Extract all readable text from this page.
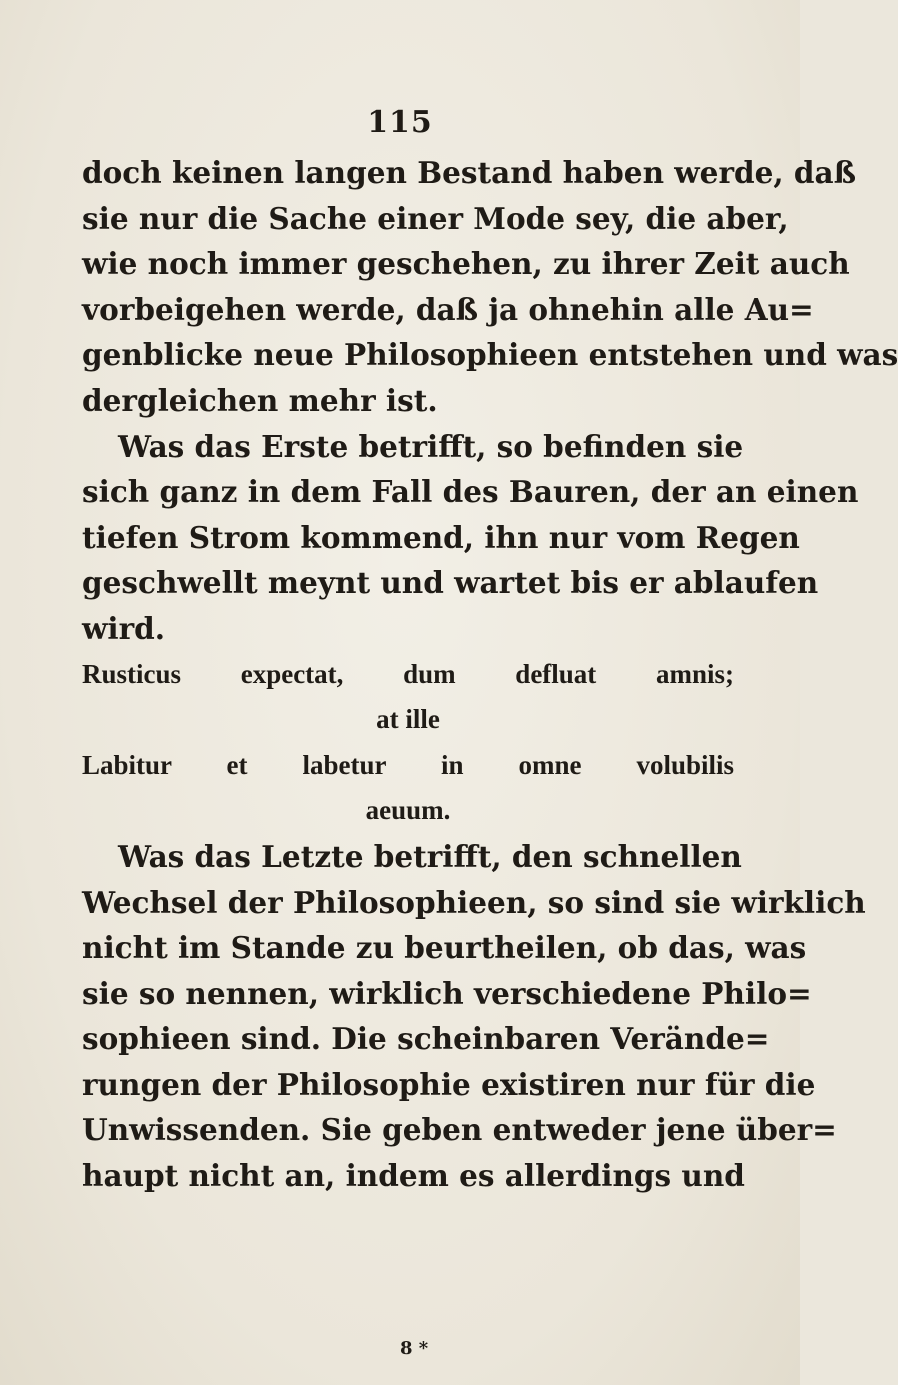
115
doch keinen langen Bestand haben werde, daß
sie nur die Sache einer Mode sey, die aber,
wie noch immer geschehen, zu ihrer Zeit auch
vorbeigehen werde, daß ja ohnehin alle Au=
genblicke neue Philosophieen entstehen und was
dergleichen mehr ist.
Was das Erste betrifft, so befinden sie
sich ganz in dem Fall des Bauren, der an einen
tiefen Strom kommend, ihn nur vom Regen
geschwellt meynt und wartet bis er ablaufen
wird.
Rusticus expectat, dum defluat amnis;
at ille
Labitur et labetur in omne volubilis
aeuum.
Was das Letzte betrifft, den schnellen
Wechsel der Philosophieen, so sind sie wirklich
nicht im Stande zu beurtheilen, ob das, was
sie so nennen, wirklich verschiedene Philo=
sophieen sind. Die scheinbaren Verände=
rungen der Philosophie existiren nur für die
Unwissenden. Sie geben entweder jene über=
haupt nicht an, indem es allerdings und
8 *
